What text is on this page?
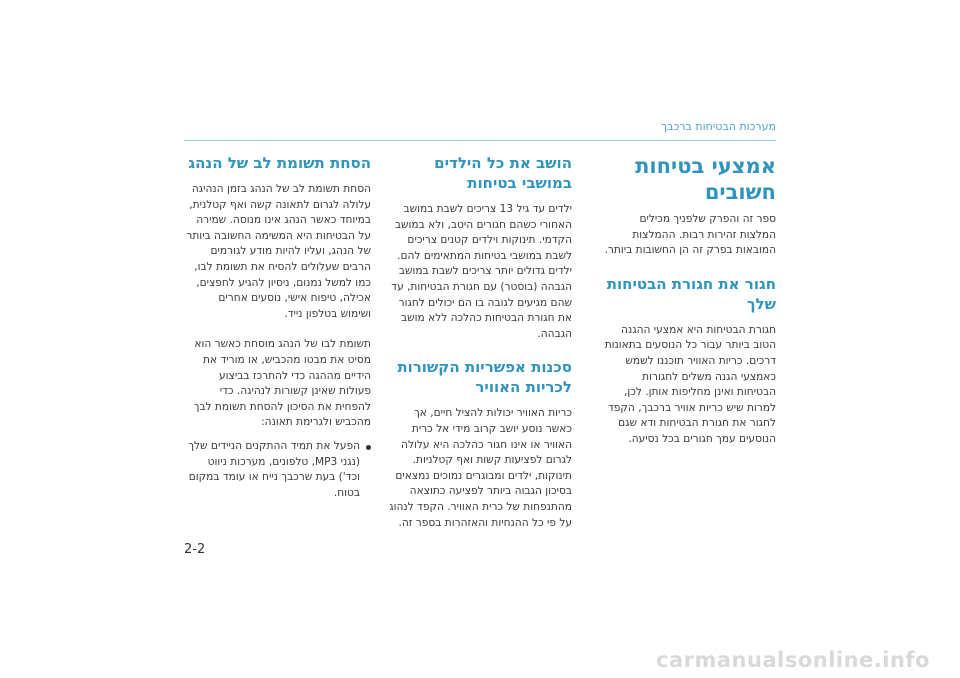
מערכות הבטיחות ברכבך
אמצעי בטיחות חשובים

ספר זה והפרק שלפניך מכילים המלצות זהירות רבות. ההמלצות המובאות בפרק זה הן החשובות ביותר.

חגור את חגורת הבטיחות שלך

חגורת הבטיחות היא אמצעי ההגנה הטוב ביותר עבור כל הנוסעים בתאונות דרכים. כריות האוויר תוכננו לשמש כאמצעי הגנה משלים לחגורות הבטיחות ואינן מחליפות אותן. לכן, למרות שיש כריות אוויר ברכבך, הקפד לחגור את חגורת הבטיחות ודא שגם הנוסעים עמך חגורים בכל נסיעה.

הושב את כל הילדים במושבי בטיחות

ילדים עד גיל 13 צריכים לשבת במושב האחורי כשהם חגורים היטב, ולא במושב הקדמי. תינוקות וילדים קטנים צריכים לשבת במושבי בטיחות המתאימים להם. ילדים גדולים יותר צריכים לשבת במושב הגבהה (בוסטר) עם חגורת הבטיחות, עד שהם מגיעים לגובה בו הם יכולים לחגור את חגורת הבטיחות כהלכה ללא מושב הגבהה.

סכנות אפשריות הקשורות לכריות האוויר

כריות האוויר יכולות להציל חיים, אך כאשר נוסע יושב קרוב מידי אל כרית האוויר או אינו חגור כהלכה היא עלולה לגרום לפציעות קשות ואף קטלניות. תינוקות, ילדים ומבוגרים נמוכים נמצאים בסיכון הגבוה ביותר לפציעה כתוצאה מהתנפחות של כרית האוויר. הקפד לנהוג על פי כל ההנחיות והאזהרות בספר זה.

הסחת תשומת לב של הנהג

הסחת תשומת לב של הנהג בזמן הנהיגה עלולה לגרום לתאונה קשה ואף קטלנית, במיוחד כאשר הנהג אינו מנוסה. שמירה על הבטיחות היא המשימה החשובה ביותר של הנהג, ועליו להיות מודע לגורמים הרבים שעלולים להסיח את תשומת לבו, כמו למשל נמנום, ניסיון להגיע לחפצים, אכילה, טיפוח אישי, נוסעים אחרים ושימוש בטלפון נייד.

תשומת לבו של הנהג מוסחת כאשר הוא מסיט את מבטו מהכביש, או מוריד את הידיים מההגה כדי להתרכז בביצוע פעולות שאינן קשורות לנהיגה. כדי להפחית את הסיכון להסחת תשומת לבך מהכביש ולגרימת תאונה:

הפעל את תמיד ההתקנים הניידים שלך (נגני MP3, טלפונים, מערכות ניווט וכד') בעת שרכבך נייח או עומד במקום בטוח.
2-2
carmanualsonline.info
